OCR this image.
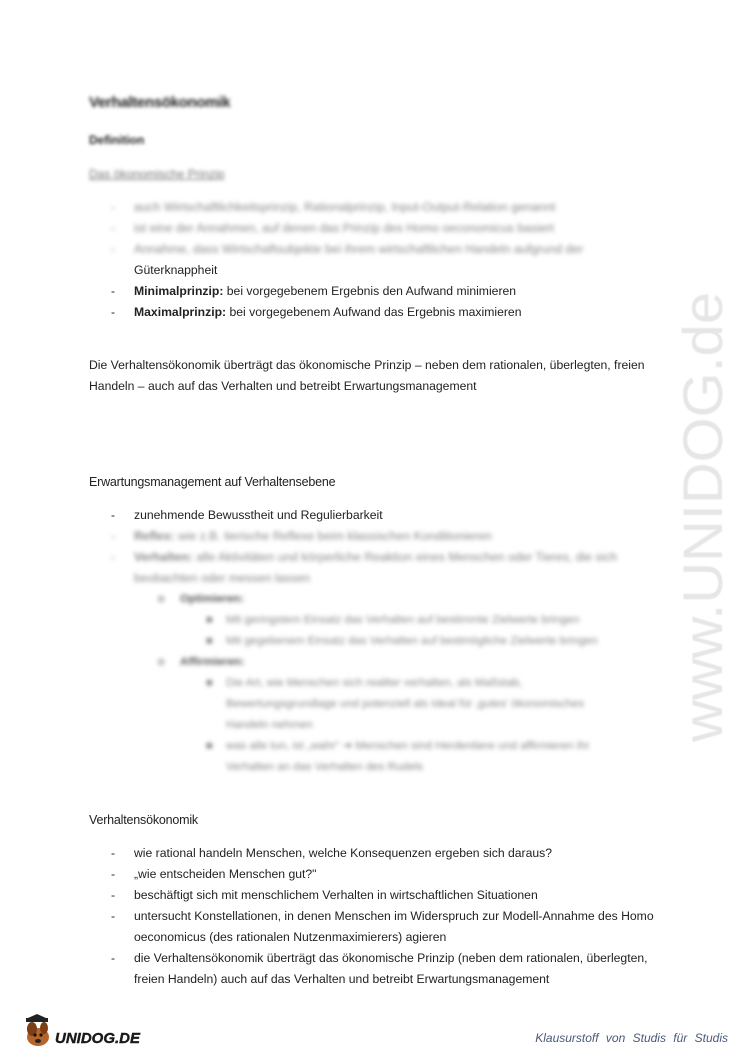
Verhaltensökonomik
Definition
Das ökonomische Prinzip
- auch Wirtschaftlichkeitsprinzip, Rationalprinzip, Input-Output-Relation genannt
- ist eine der Annahmen, auf denen das Prinzip des Homo oeconomicus basiert
- Annahme, dass Wirtschaftsubjekte bei ihrem wirtschaftlichen Handeln aufgrund der
Güterknappheit
- Minimalprinzip: bei vorgegebenem Ergebnis den Aufwand minimieren
- Maximalprinzip: bei vorgegebenem Aufwand das Ergebnis maximieren

Die Verhaltensökonomik überträgt das ökonomische Prinzip – neben dem rationalen, überlegten, freien Handeln – auch auf das Verhalten und betreibt Erwartungsmanagement

Erwartungsmanagement auf Verhaltensebene
- zunehmende Bewusstheit und Regulierbarkeit
- Reflex: wie z.B. tierische Reflexe beim klassischen Konditionieren
- Verhalten: alle Aktivitäten und körperliche Reaktion eines Menschen oder Tieres, die sich
beobachten oder messen lassen
o Optimieren:
■ Mit geringstem Einsatz das Verhalten auf bestimmte Zielwerte bringen
■ Mit gegebenem Einsatz das Verhalten auf bestmögliche Zielwerte bringen
o Affirmieren:
■ Die Art, wie Menschen sich realiter verhalten, als Maßstab,
Bewertungsgrundlage und potenziell als Ideal für ‚gutes' ökonomisches
Handeln nehmen
■ was alle tun, ist „wahr" ➔ Menschen sind Herdentiere und affirmieren ihr
Verhalten an das Verhalten des Rudels
Verhaltensökonomik
- wie rational handeln Menschen, welche Konsequenzen ergeben sich daraus?
- „wie entscheiden Menschen gut?"
- beschäftigt sich mit menschlichem Verhalten in wirtschaftlichen Situationen
- untersucht Konstellationen, in denen Menschen im Widerspruch zur Modell-Annahme des Homo
oeconomicus (des rationalen Nutzenmaximierers) agieren
- die Verhaltensökonomik überträgt das ökonomische Prinzip (neben dem rationalen, überlegten,
freien Handeln) auch auf das Verhalten und betreibt Erwartungsmanagement
www.UNIDOG.de
UNIDOG.DE	Klausurstoff von Studis für Studis
